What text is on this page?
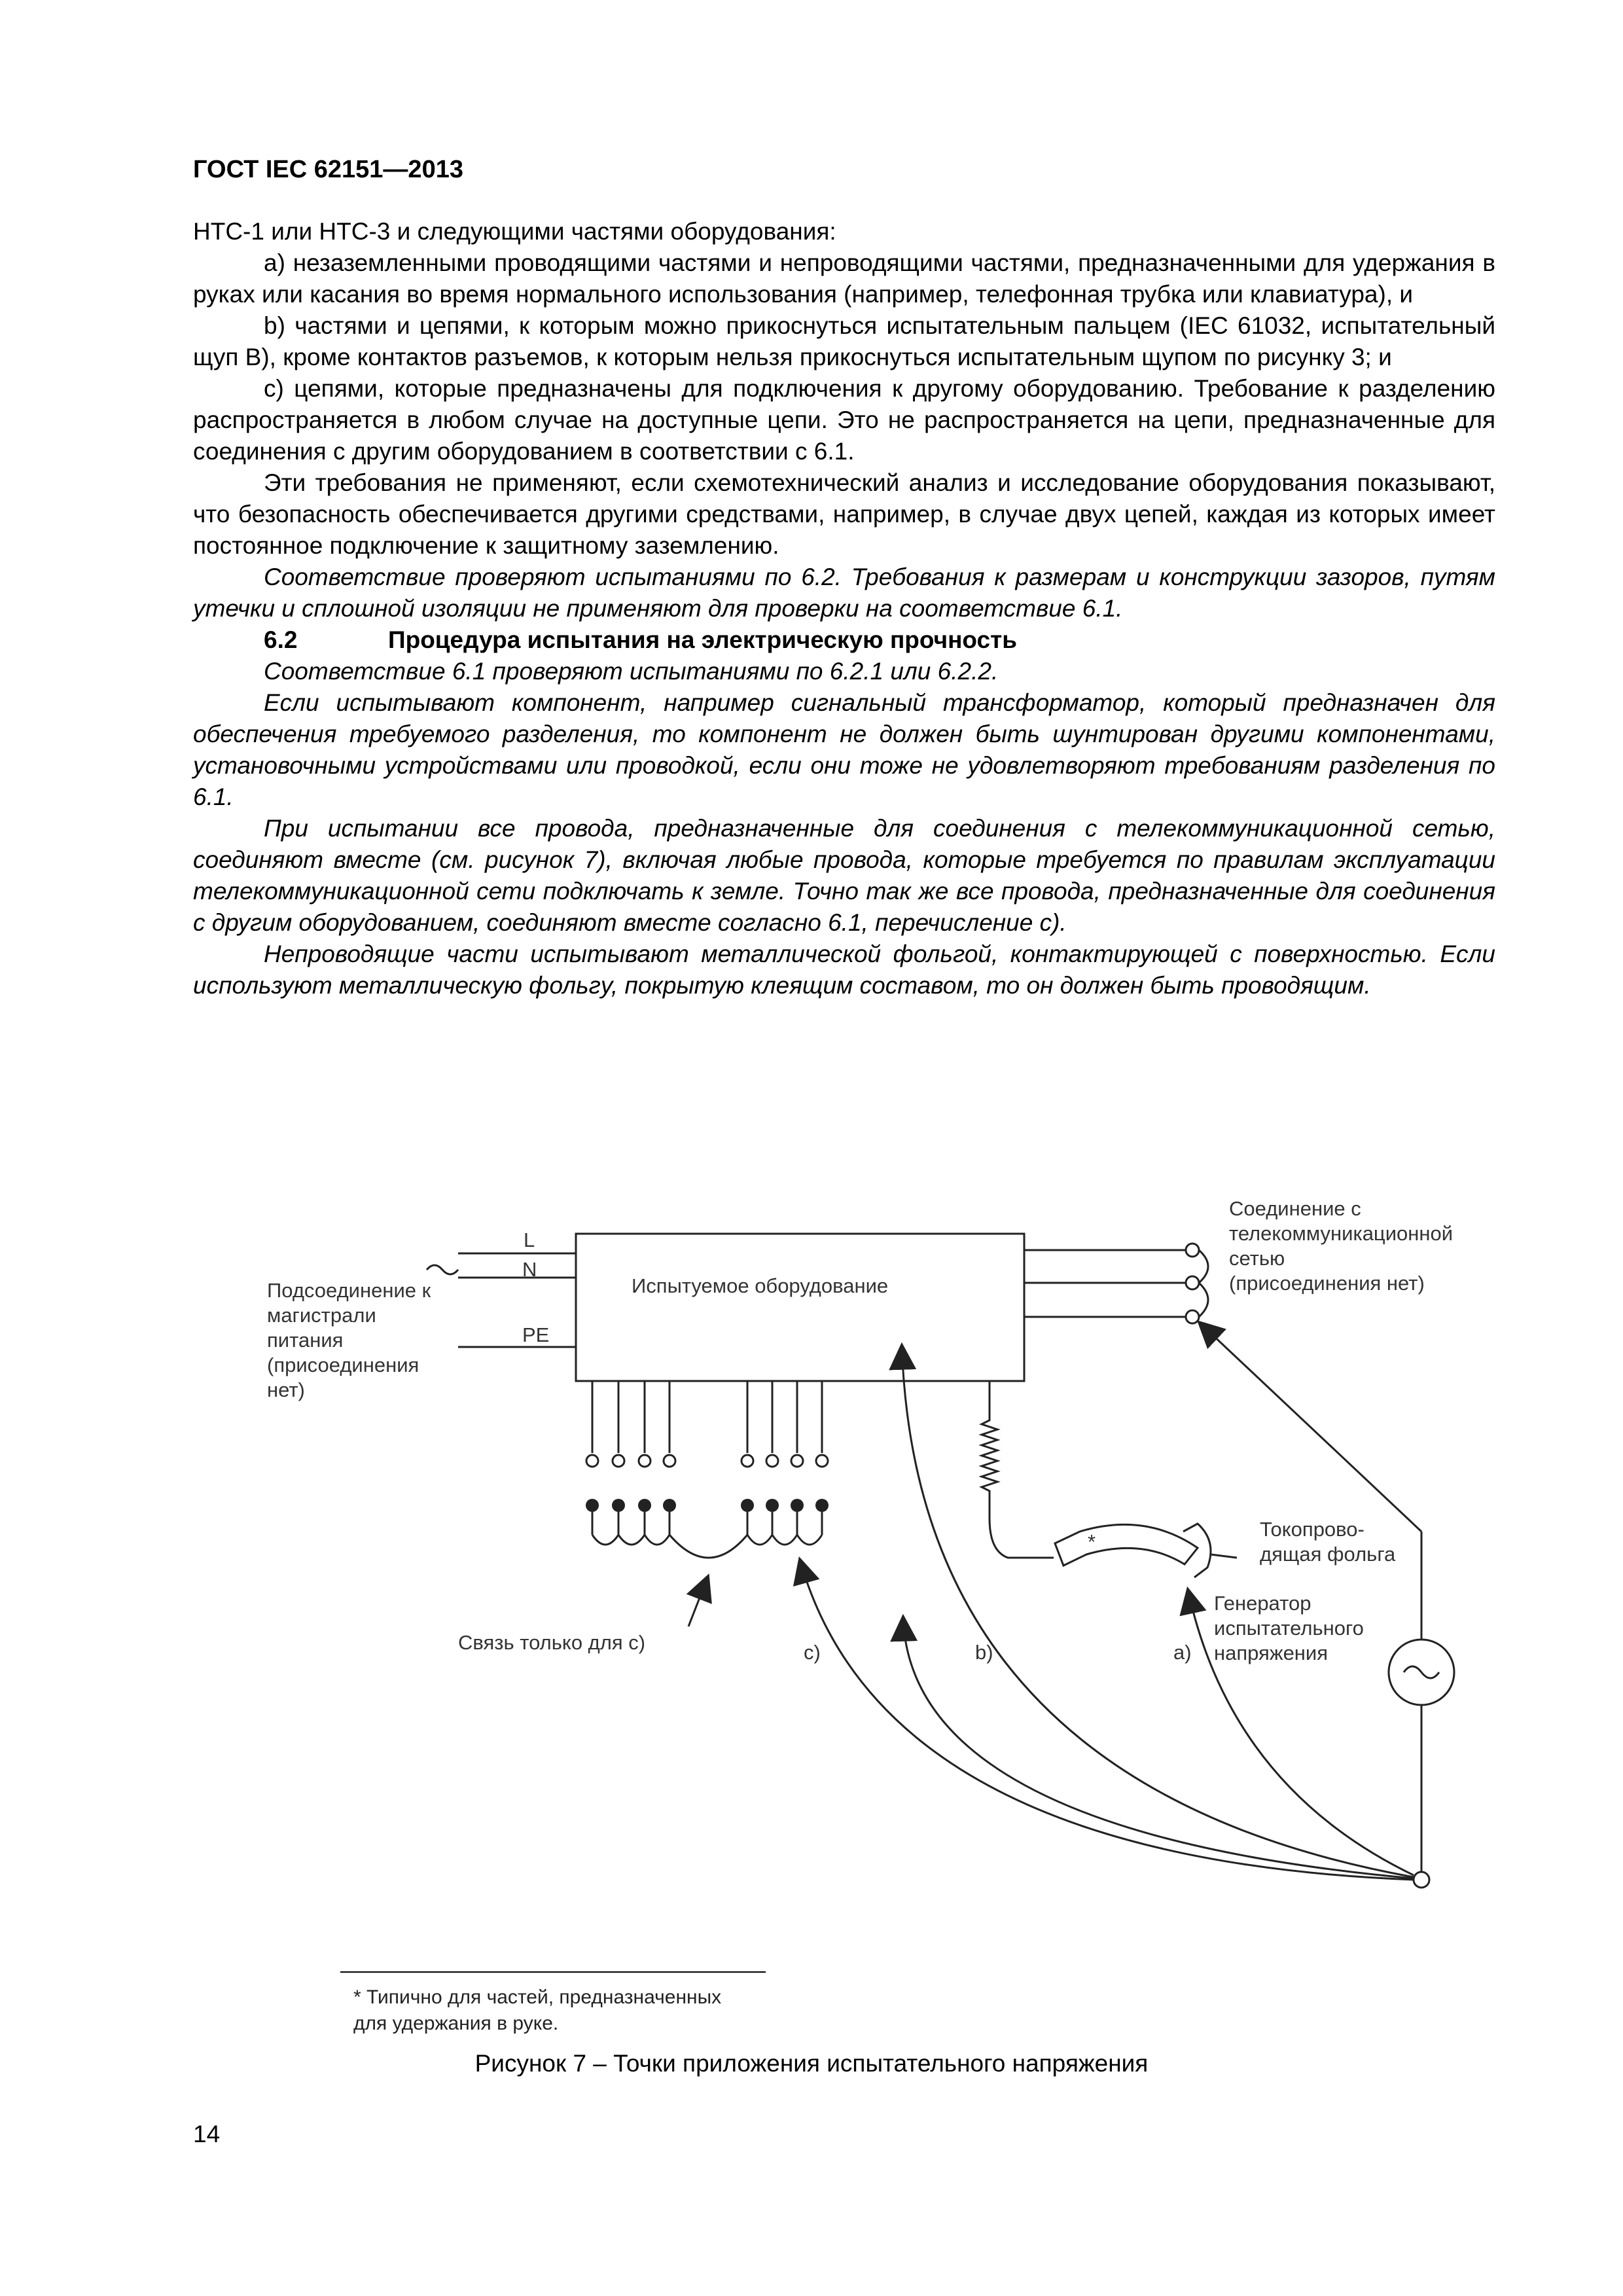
ГОСТ IEC 62151—2013

НТС-1 или НТС-3 и следующими частями оборудования:

a) незаземленными проводящими частями и непроводящими частями, предназначенными для удержания в руках или касания во время нормального использования (например, телефонная трубка или клавиатура), и

b) частями и цепями, к которым можно прикоснуться испытательным пальцем (IEC 61032, испытательный щуп B), кроме контактов разъемов, к которым нельзя прикоснуться испытательным щупом по рисунку 3; и

c) цепями, которые предназначены для подключения к другому оборудованию. Требование к разделению распространяется в любом случае на доступные цепи. Это не распространяется на цепи, предназначенные для соединения с другим оборудованием в соответствии с 6.1.

Эти требования не применяют, если схемотехнический анализ и исследование оборудования показывают, что безопасность обеспечивается другими средствами, например, в случае двух цепей, каждая из которых имеет постоянное подключение к защитному заземлению.

Соответствие проверяют испытаниями по 6.2. Требования к размерам и конструкции зазоров, путям утечки и сплошной изоляции не применяют для проверки на соответствие 6.1.

6.2	Процедура испытания на электрическую прочность

Соответствие 6.1 проверяют испытаниями по 6.2.1 или 6.2.2.

Если испытывают компонент, например сигнальный трансформатор, который предназначен для обеспечения требуемого разделения, то компонент не должен быть шунтирован другими компонентами, установочными устройствами или проводкой, если они тоже не удовлетворяют требованиям разделения по 6.1.

При испытании все провода, предназначенные для соединения с телекоммуникационной сетью, соединяют вместе (см. рисунок 7), включая любые провода, которые требуется по правилам эксплуатации телекоммуникационной сети подключать к земле. Точно так же все провода, предназначенные для соединения с другим оборудованием, соединяют вместе согласно 6.1, перечисление c).

Непроводящие части испытывают металлической фольгой, контактирующей с поверхностью. Если используют металлическую фольгу, покрытую клеящим составом, то он должен быть проводящим.

Испытуемое оборудование
L
N
PE
*
Подсоединение к
магистрали
питания
(присоединения
нет)
Соединение с
телекоммуникационной
сетью
(присоединения нет)
Токопрово-
дящая фольга
Генератор
испытательного
напряжения
Связь только для c)	c)	b)	a)
* Типично для частей, предназначенных для удержания в руке.
Рисунок 7 – Точки приложения испытательного напряжения
14
